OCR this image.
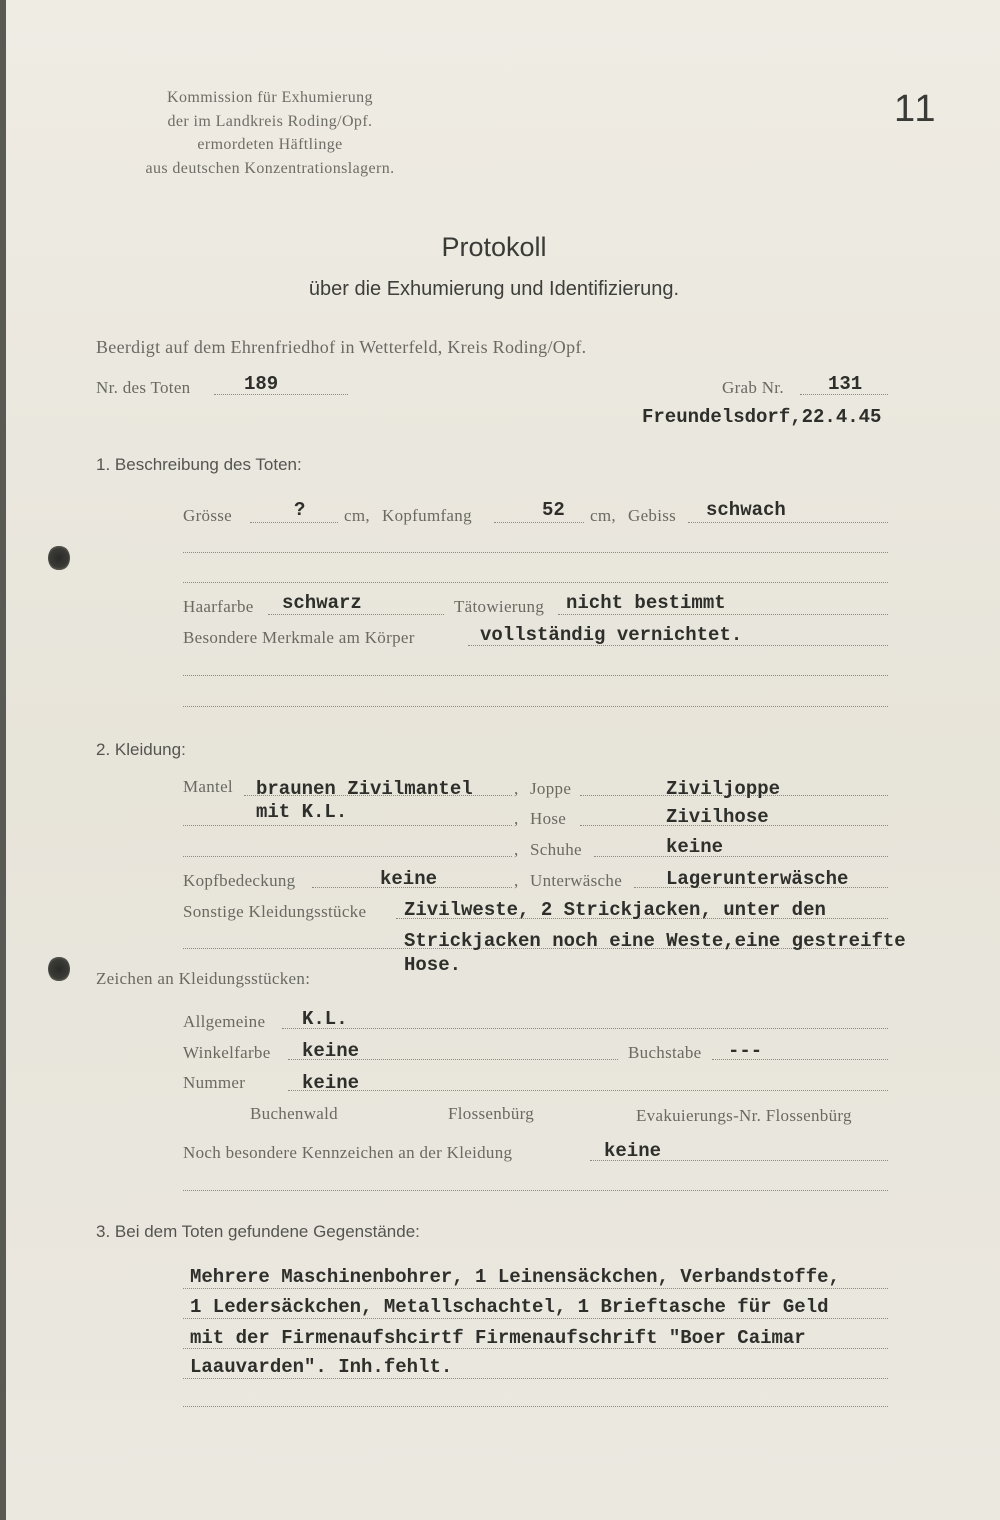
Kommission für Exhumierung
der im Landkreis Roding/Opf.
ermordeten Häftlinge
aus deutschen Konzentrationslagern.
11
Protokoll
über die Exhumierung und Identifizierung.
Beerdigt auf dem Ehrenfriedhof in Wetterfeld, Kreis Roding/Opf.
Nr. des Toten	189	Grab Nr. 131
Freundelsdorf,22.4.45
1. Beschreibung des Toten:
Grösse	? cm, Kopfumfang	52 cm, Gebiss schwach
Haarfarbe schwarz	Tätowierung nicht bestimmt
Besondere Merkmale am Körper	vollständig vernichtet.
2. Kleidung:
Mantel braunen Zivilmantel , Joppe	Ziviljoppe
mit K.L.	, Hose	Zivilhose
, Schuhe	keine
Kopfbedeckung	keine	, Unterwäsche Lagerunterwäsche
Sonstige Kleidungsstücke Zivilweste, 2 Strickjacken, unter den
Strickjacken noch eine Weste,eine gestreifte
Hose.
Zeichen an Kleidungsstücken:
Allgemeine K.L.
Winkelfarbe keine	Buchstabe ---
Nummer	keine
Buchenwald	Flossenbürg	Evakuierungs-Nr. Flossenbürg
Noch besondere Kennzeichen an der Kleidung	keine
3. Bei dem Toten gefundene Gegenstände:
Mehrere Maschinenbohrer, 1 Leinensäckchen, Verbandstoffe,
1 Ledersäckchen, Metallschachtel, 1 Brieftasche für Geld
mit der Firmenaufshcirtf Firmenaufschrift "Boer Caimar
Laauvarden". Inh.fehlt.
